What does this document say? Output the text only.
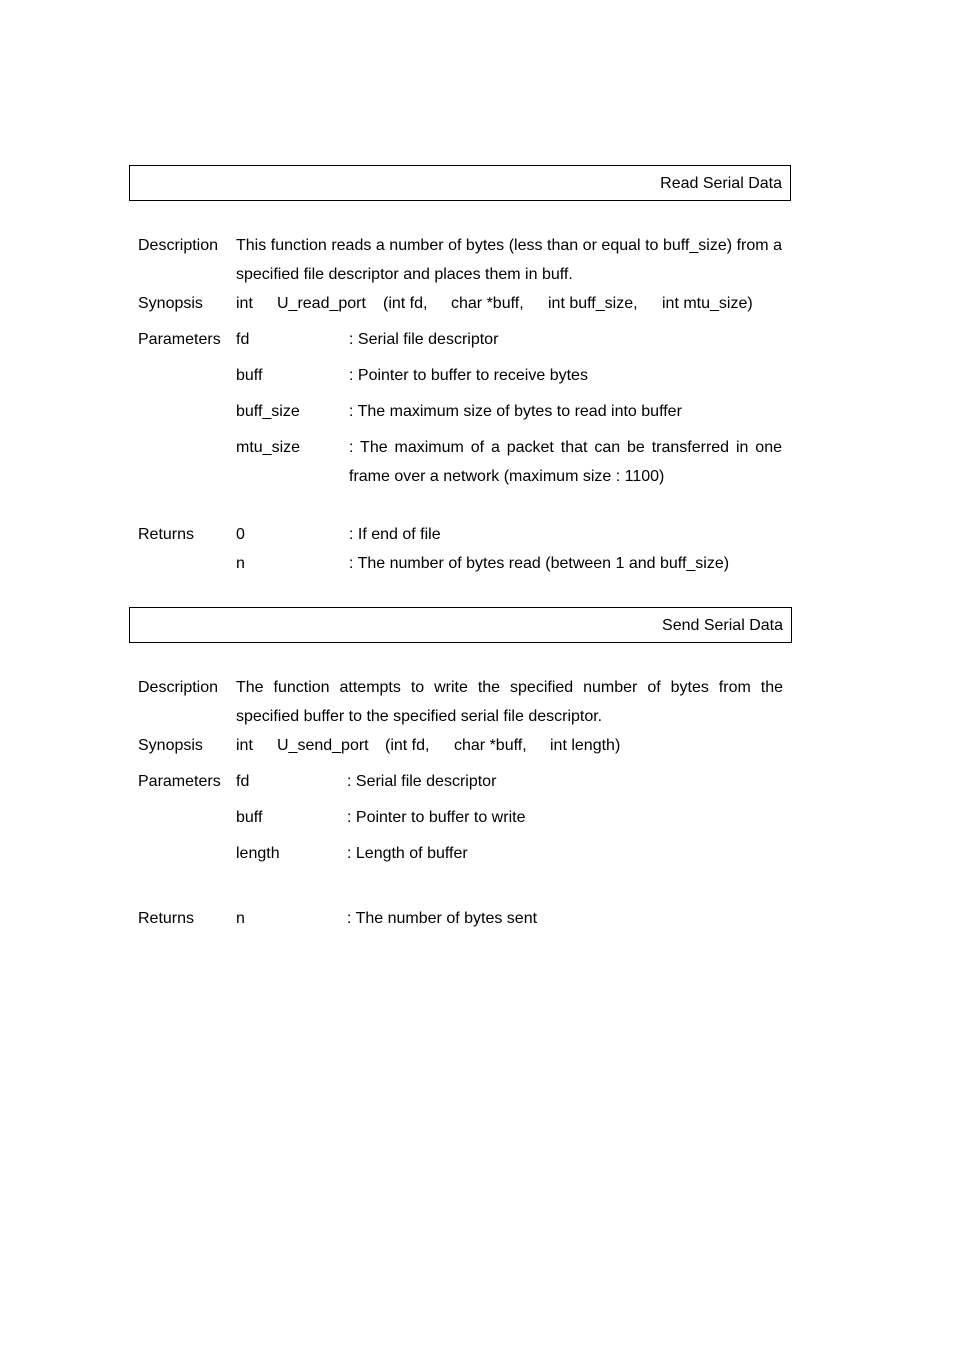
Read Serial Data
Description This function reads a number of bytes (less than or equal to buff_size) from a specified file descriptor and places them in buff.
Synopsis int U_read_port (int fd, char *buff, int buff_size, int mtu_size)
Parameters fd	: Serial file descriptor
buff	: Pointer to buffer to receive bytes
buff_size	: The maximum size of bytes to read into buffer
mtu_size	: The maximum of a packet that can be transferred in one frame over a network (maximum size : 1100)
Returns	0	: If end of file
n	: The number of bytes read (between 1 and buff_size)
Send Serial Data
Description The function attempts to write the specified number of bytes from the specified buffer to the specified serial file descriptor.
Synopsis int U_send_port (int fd, char *buff, int length)
Parameters fd	: Serial file descriptor
buff	: Pointer to buffer to write
length	: Length of buffer
Returns	n	: The number of bytes sent
